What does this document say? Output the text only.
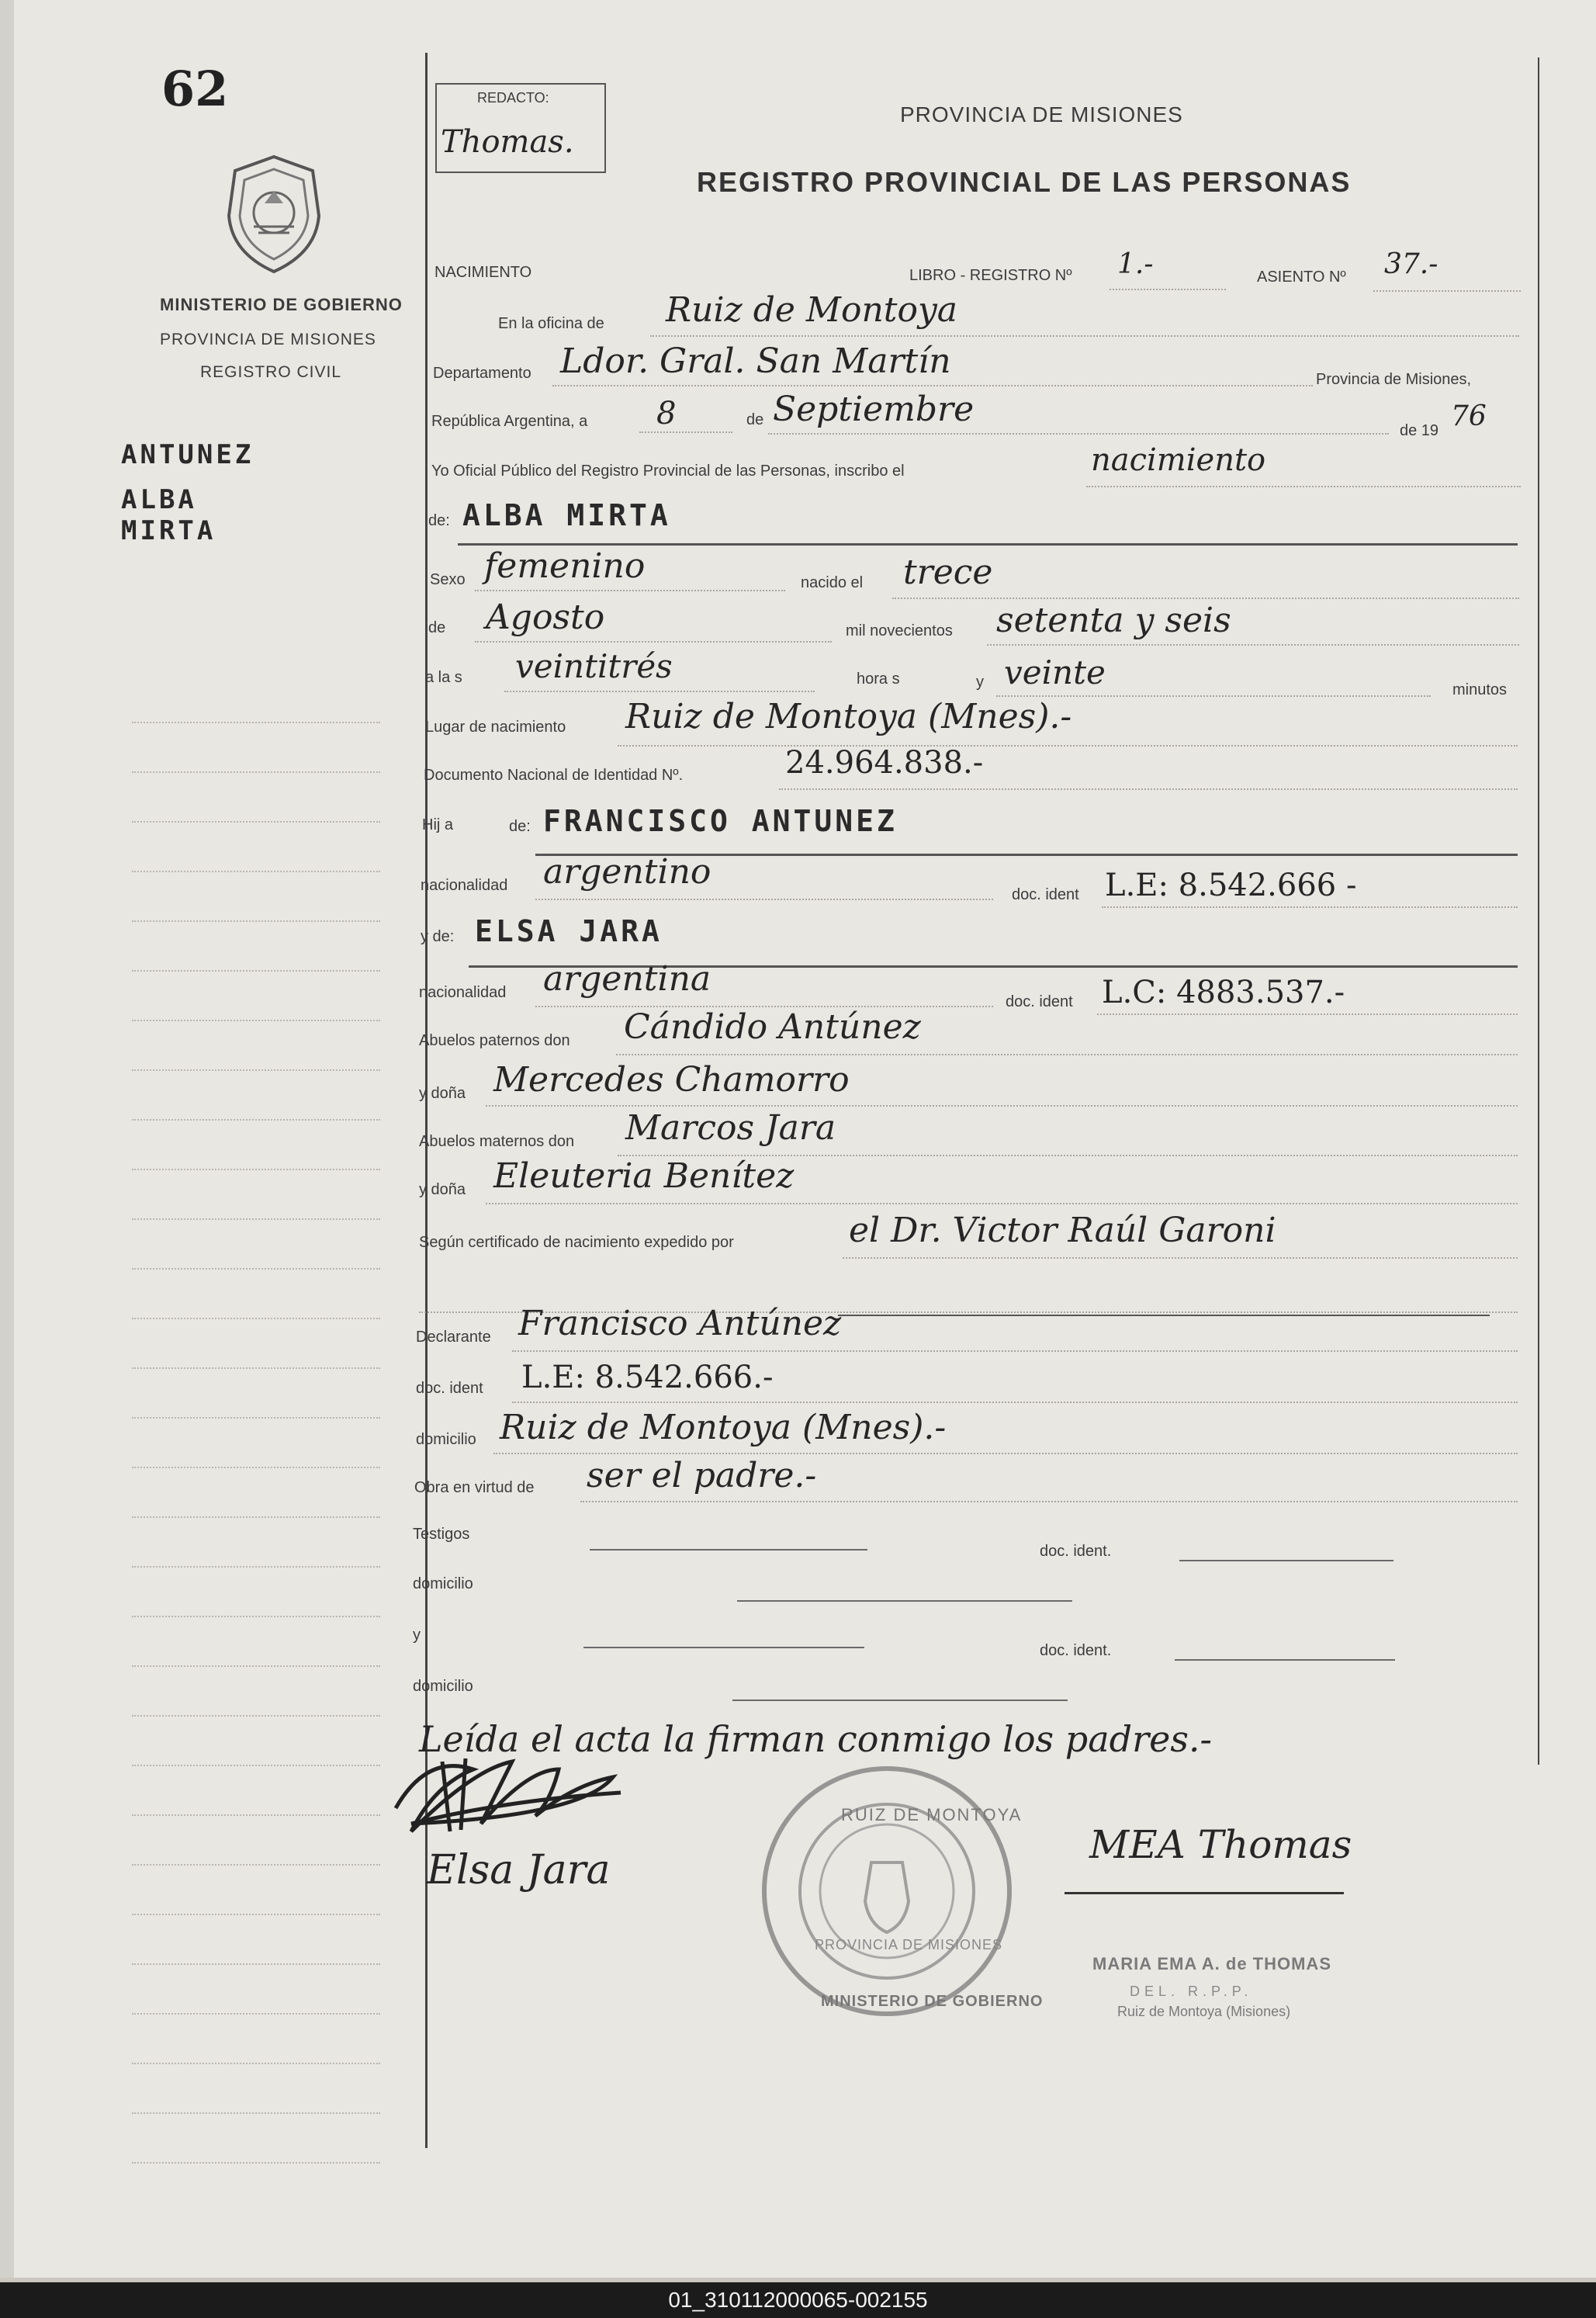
62
MINISTERIO DE GOBIERNO
PROVINCIA DE MISIONES
REGISTRO CIVIL
ANTUNEZ
ALBA
MIRTA
REDACTO:
Thomas.
PROVINCIA DE MISIONES
REGISTRO PROVINCIAL DE LAS PERSONAS
NACIMIENTO	LIBRO - REGISTRO Nº 1.-	ASIENTO Nº 37.-
En la oficina de Ruiz de Montoya
Departamento Ldor. Gral. San Martín	Provincia de Misiones,
República Argentina, a 8	de Septiembre
de 19 76
Yo Oficial Público del Registro Provincial de las Personas, inscribo el	nacimiento
de: ALBA MIRTA
Sexo femenino	nacido el trece
de Agosto	mil novecientos setenta y seis
a la s veintitrés	hora s	y veinte	minutos
Lugar de nacimiento Ruiz de Montoya (Mnes).-
Documento Nacional de Identidad Nº.	24.964.838.-
Hij a	de: FRANCISCO ANTUNEZ
nacionalidad argentino
doc. ident L.E: 8.542.666 -
y de: ELSA JARA
nacionalidad argentina
doc. ident L.C: 4883.537.-
Abuelos paternos don Cándido Antúnez
y doña Mercedes Chamorro
Abuelos maternos don Marcos Jara
y doña Eleuteria Benítez
Según certificado de nacimiento expedido por	el Dr. Victor Raúl Garoni
Declarante Francisco Antúnez
doc. ident L.E: 8.542.666.-
domicilio Ruiz de Montoya (Mnes).-
Obra en virtud de ser el padre.-
Testigos
doc. ident.
domicilio
y
doc. ident.
domicilio
Leída el acta la firman conmigo los padres.-
Elsa Jara
RUIZ DE MONTOYA
PROVINCIA DE MISIONES
MINISTERIO DE GOBIERNO
MEA Thomas
MARIA EMA A. de THOMAS
DEL. R.P.P.
Ruiz de Montoya (Misiones)
01_310112000065-002155
